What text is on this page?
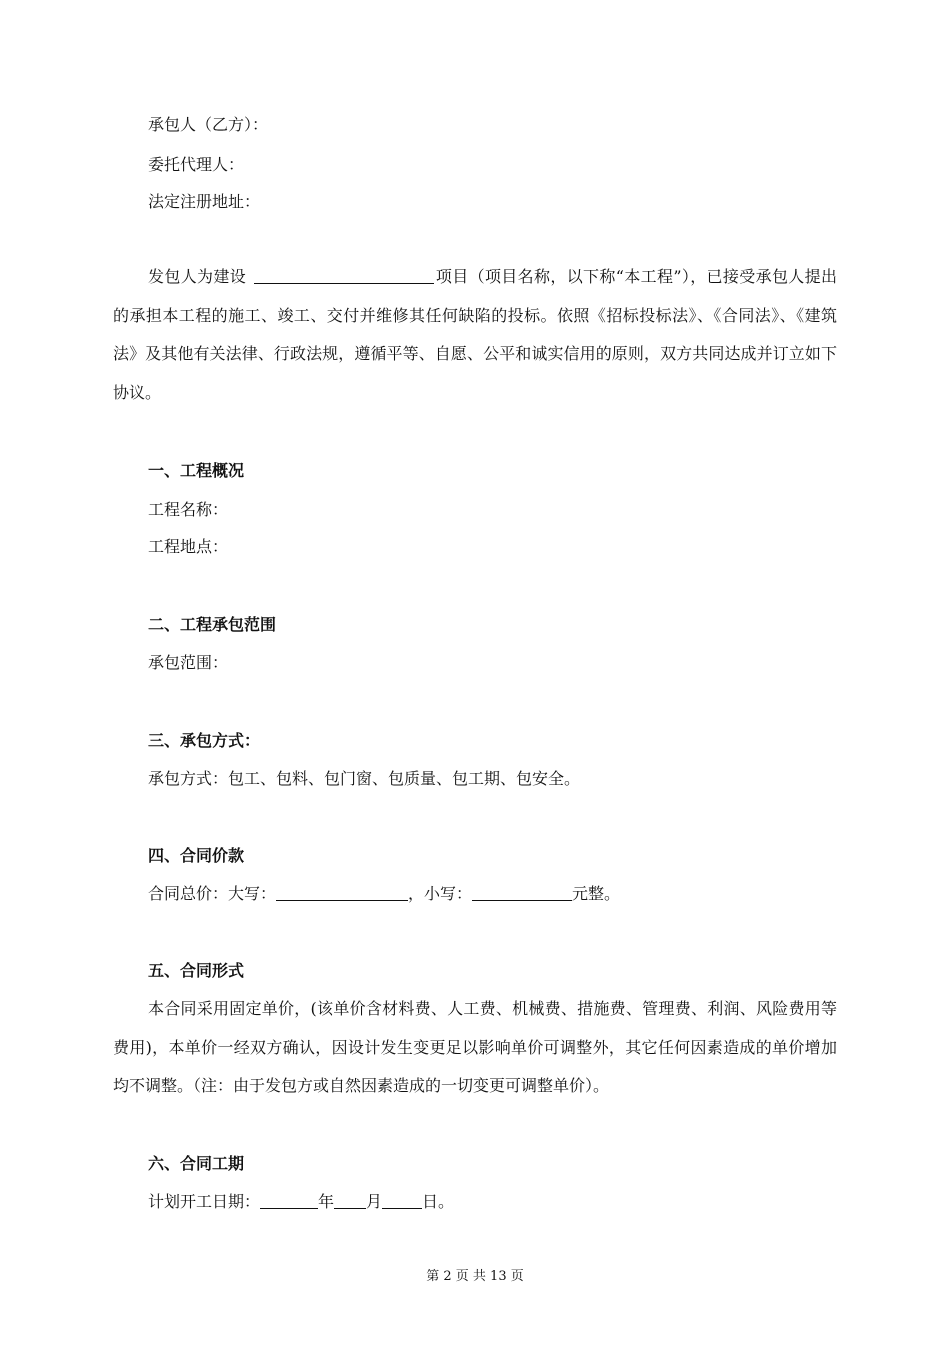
承包人（乙方）：
委托代理人：
法定注册地址：

发包人为建设	项目（项目名称，以下称“本工程”），已接受承包人提出的承担本工程的施工、竣工、交付并维修其任何缺陷的投标。依照《招标投标法》、《合同法》、《建筑法》及其他有关法律、行政法规，遵循平等、自愿、公平和诚实信用的原则，双方共同达成并订立如下协议。

一、工程概况
工程名称：
工程地点：
二、工程承包范围
承包范围：
三、承包方式：
承包方式：包工、包料、包门窗、包质量、包工期、包安全。
四、合同价款
合同总价：大写：	，小写：	元整。
五、合同形式

本合同采用固定单价，(该单价含材料费、人工费、机械费、措施费、管理费、利润、风险费用等费用)，本单价一经双方确认，因设计发生变更足以影响单价可调整外，其它任何因素造成的单价增加均不调整。（注：由于发包方或自然因素造成的一切变更可调整单价）。

六、合同工期
计划开工日期：	年 月	日。
第 2 页 共 13 页
